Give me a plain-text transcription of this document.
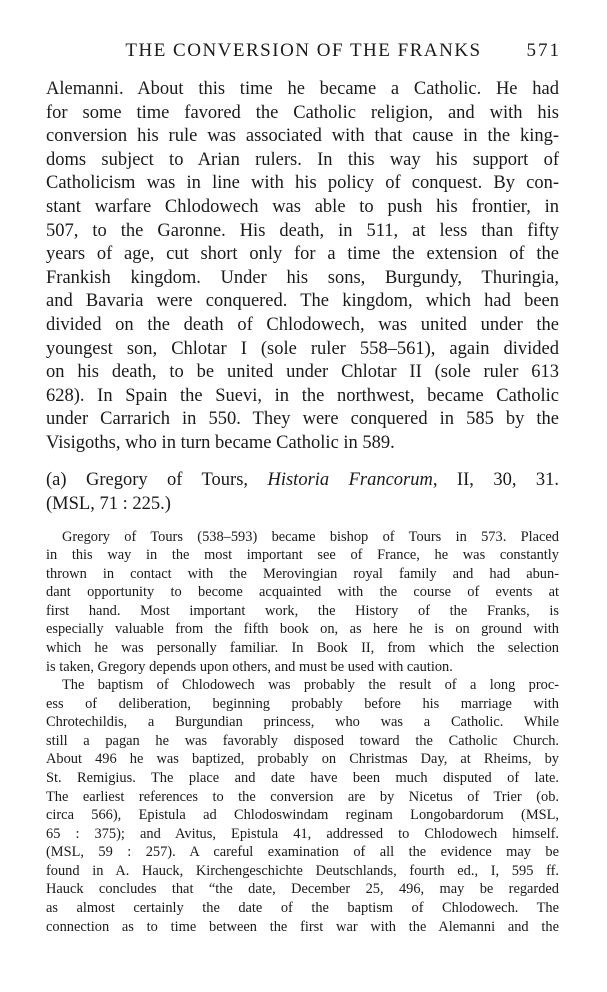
THE CONVERSION OF THE FRANKS	571
Alemanni. About this time he became a Catholic. He had
for some time favored the Catholic religion, and with his
conversion his rule was associated with that cause in the king-
doms subject to Arian rulers. In this way his support of
Catholicism was in line with his policy of conquest. By con-
stant warfare Chlodowech was able to push his frontier, in
507, to the Garonne. His death, in 511, at less than fifty
years of age, cut short only for a time the extension of the
Frankish kingdom. Under his sons, Burgundy, Thuringia,
and Bavaria were conquered. The kingdom, which had been
divided on the death of Chlodowech, was united under the
youngest son, Chlotar I (sole ruler 558–561), again divided
on his death, to be united under Chlotar II (sole ruler 613
628). In Spain the Suevi, in the northwest, became Catholic
under Carrarich in 550. They were conquered in 585 by the
Visigoths, who in turn became Catholic in 589.
(a) Gregory of Tours, Historia Francorum, II, 30, 31.
(MSL, 71 : 225.)
Gregory of Tours (538–593) became bishop of Tours in 573. Placed
in this way in the most important see of France, he was constantly
thrown in contact with the Merovingian royal family and had abun-
dant opportunity to become acquainted with the course of events at
first hand. Most important work, the History of the Franks, is
especially valuable from the fifth book on, as here he is on ground with
which he was personally familiar. In Book II, from which the selection
is taken, Gregory depends upon others, and must be used with caution.
The baptism of Chlodowech was probably the result of a long proc-
ess of deliberation, beginning probably before his marriage with
Chrotechildis, a Burgundian princess, who was a Catholic. While
still a pagan he was favorably disposed toward the Catholic Church.
About 496 he was baptized, probably on Christmas Day, at Rheims, by
St. Remigius. The place and date have been much disputed of late.
The earliest references to the conversion are by Nicetus of Trier (ob.
circa 566), Epistula ad Chlodoswindam reginam Longobardorum (MSL,
65 : 375); and Avitus, Epistula 41, addressed to Chlodowech himself.
(MSL, 59 : 257). A careful examination of all the evidence may be
found in A. Hauck, Kirchengeschichte Deutschlands, fourth ed., I, 595 ff.
Hauck concludes that “the date, December 25, 496, may be regarded
as almost certainly the date of the baptism of Chlodowech. The
connection as to time between the first war with the Alemanni and the
